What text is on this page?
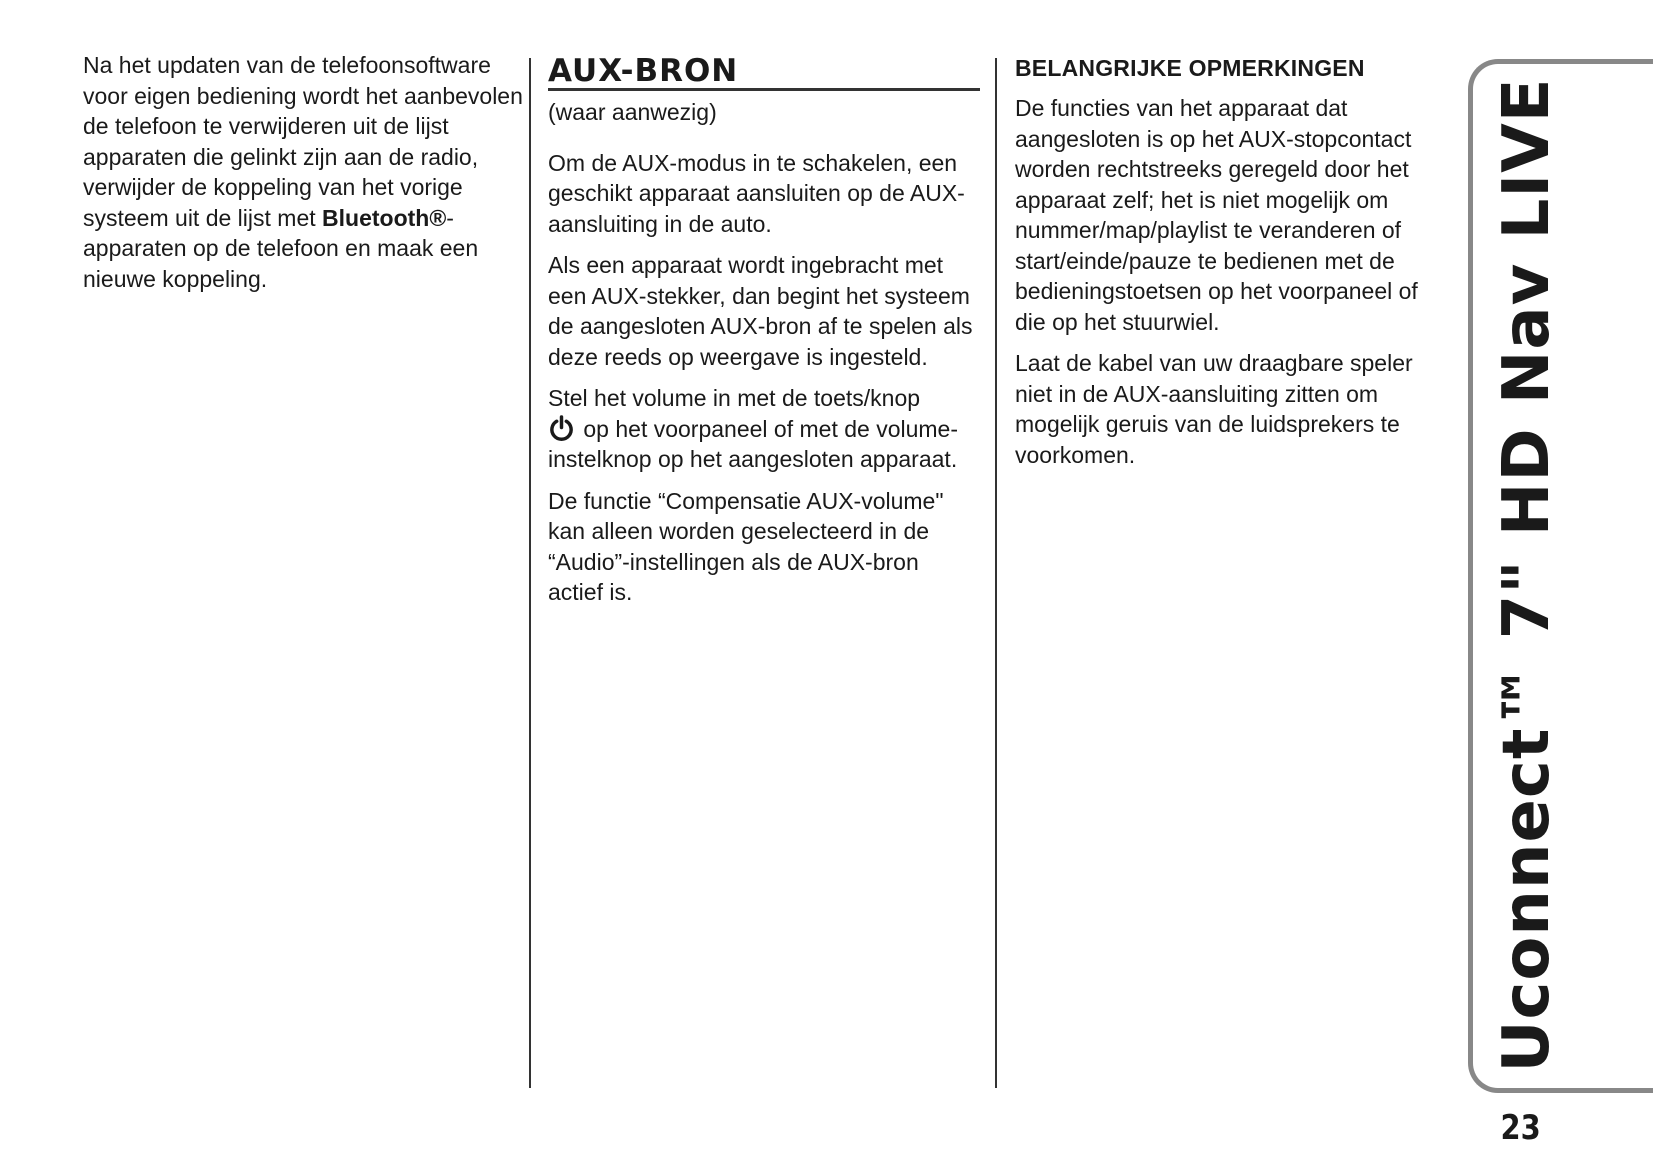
Na het updaten van de telefoonsoftware voor eigen bediening wordt het aanbevolen de telefoon te verwijderen uit de lijst apparaten die gelinkt zijn aan de radio, verwijder de koppeling van het vorige systeem uit de lijst met Bluetooth®-apparaten op de telefoon en maak een nieuwe koppeling.

AUX-BRON

(waar aanwezig)

Om de AUX-modus in te schakelen, een geschikt apparaat aansluiten op de AUX-aansluiting in de auto.

Als een apparaat wordt ingebracht met een AUX-stekker, dan begint het systeem de aangesloten AUX-bron af te spelen als deze reeds op weergave is ingesteld.

Stel het volume in met de toets/knop
op het voorpaneel of met de volume-instelknop op het aangesloten apparaat.

De functie “Compensatie AUX-volume" kan alleen worden geselecteerd in de “Audio”-instellingen als de AUX-bron actief is.

BELANGRIJKE OPMERKINGEN

De functies van het apparaat dat aangesloten is op het AUX-stopcontact worden rechtstreeks geregeld door het apparaat zelf; het is niet mogelijk om nummer/map/playlist te veranderen of start/einde/pauze te bedienen met de bedieningstoetsen op het voorpaneel of die op het stuurwiel.

Laat de kabel van uw draagbare speler niet in de AUX-aansluiting zitten om mogelijk geruis van de luidsprekers te voorkomen.	Uconnect™ 7" HD Nav LIVE
23
